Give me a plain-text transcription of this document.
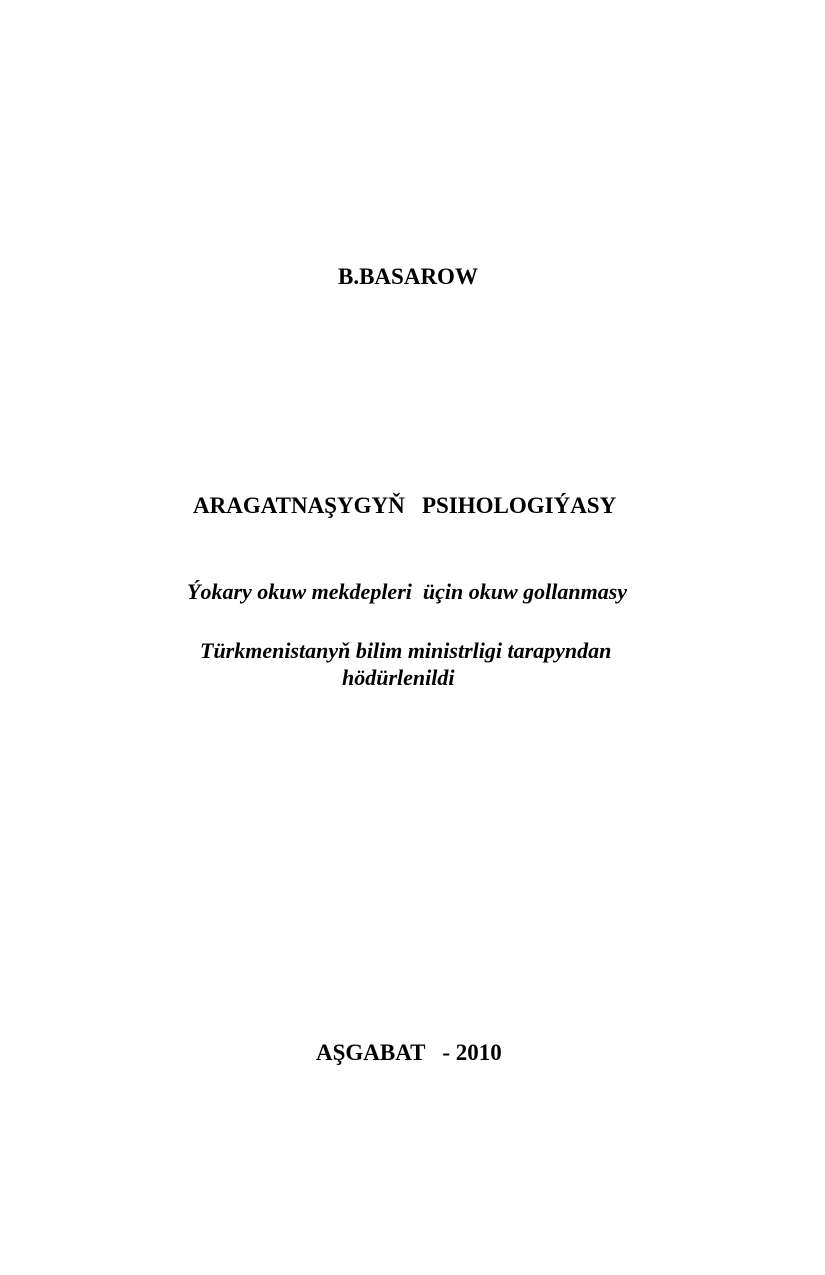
B.BASAROW

ARAGATNAŞYGYŇ   PSIHOLOGIÝASY

Ýokary okuw mekdepleri  üçin okuw gollanmasy

Türkmenistanyň bilim ministrligi tarapyndan

hödürlenildi

AŞGABAT   - 2010
